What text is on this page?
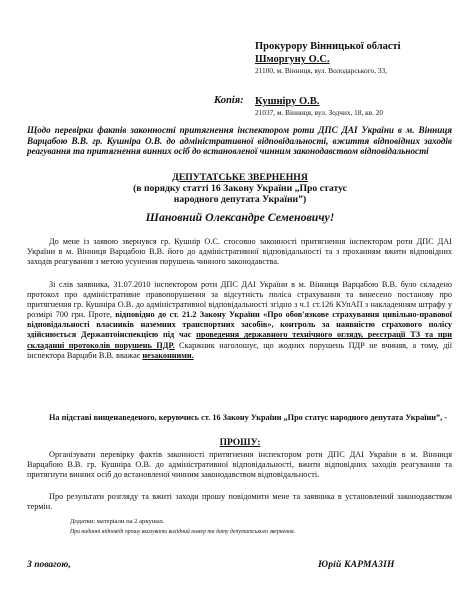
Прокурору Вінницької області
Шморгуну О.С.
21100, м. Вінниця, вул. Володарського, 33,
Копія: Кушніру О.В.
21037, м. Вінниця, вул. Зодчих, 18, кв. 20
Щодо перевірки фактів законності притягнення інспектором роти ДПС ДАІ України в м. Вінниця Варцабою В.В. гр. Кушніра О.В. до адміністративної відповідальності, вжиття відповідних заходів реагування та притягнення винних осіб до встановленої чинним законодавством відповідальності
ДЕПУТАТСЬКЕ ЗВЕРНЕННЯ
(в порядку статті 16 Закону України „Про статус
народного депутата України”)
Шановний Олександре Семеновичу!
До мене із заявою звернувся гр. Кушнір О.С. стосовно законності притягнення інспектором роти ДПС ДАІ України в м. Вінниця Варцабою В.В. його до адміністративної відповідальності та з проханням вжити відповідних заходів реагування з метою усунення порушень чинного законодавства.
Зі слів заявника, 31.07.2010 інспектором роти ДПС ДАІ України в м. Вінниця Варцабою В.В. було складено протокол про адміністративне правопорушення за відсутність поліса страхування та винесено постанову про притягнення гр. Кушніра О.В. до адміністративної відповідальності згідно з ч.1 ст.126 КУпАП з накладенням штрафу у розмірі 700 грн. Проте, відповідно до ст. 21.2 Закону України «Про обов'язкове страхування цивільно-правової відповідальності власників наземних транспортних засобів», контроль за наявністю страхового полісу здійснюється Державтоінспекцією під час проведення державного технічного огляду, реєстрації ТЗ та при складанні протоколів порушень ПДР. Скаржник наголошує, що жодних порушень ПДР не вчиняв, а тому, дії інспектора Варцаби В.В. вважає незаконними.
На підставі вищенаведеного, керуючись ст. 16 Закону України „Про статус народного депутата України”, -
ПРОШУ:
Організувати перевірку фактів законності притягнення інспектором роти ДПС ДАІ України в м. Вінниця Варцабою В.В. гр. Кушніра О.В. до адміністративної відповідальності, вжити відповідних заходів реагування та притягнути винних осіб до встановленої чинним законодавством відповідальності.
Про результати розгляду та вжиті заходи прошу повідомити мене та заявника в установлений законодавством термін.
Додатки: матеріали на 2 аркушах.
При наданні відповіді прошу вказувати вихідний номер та дату депутатського звернення.
З повагою,	Юрій КАРМАЗІН
